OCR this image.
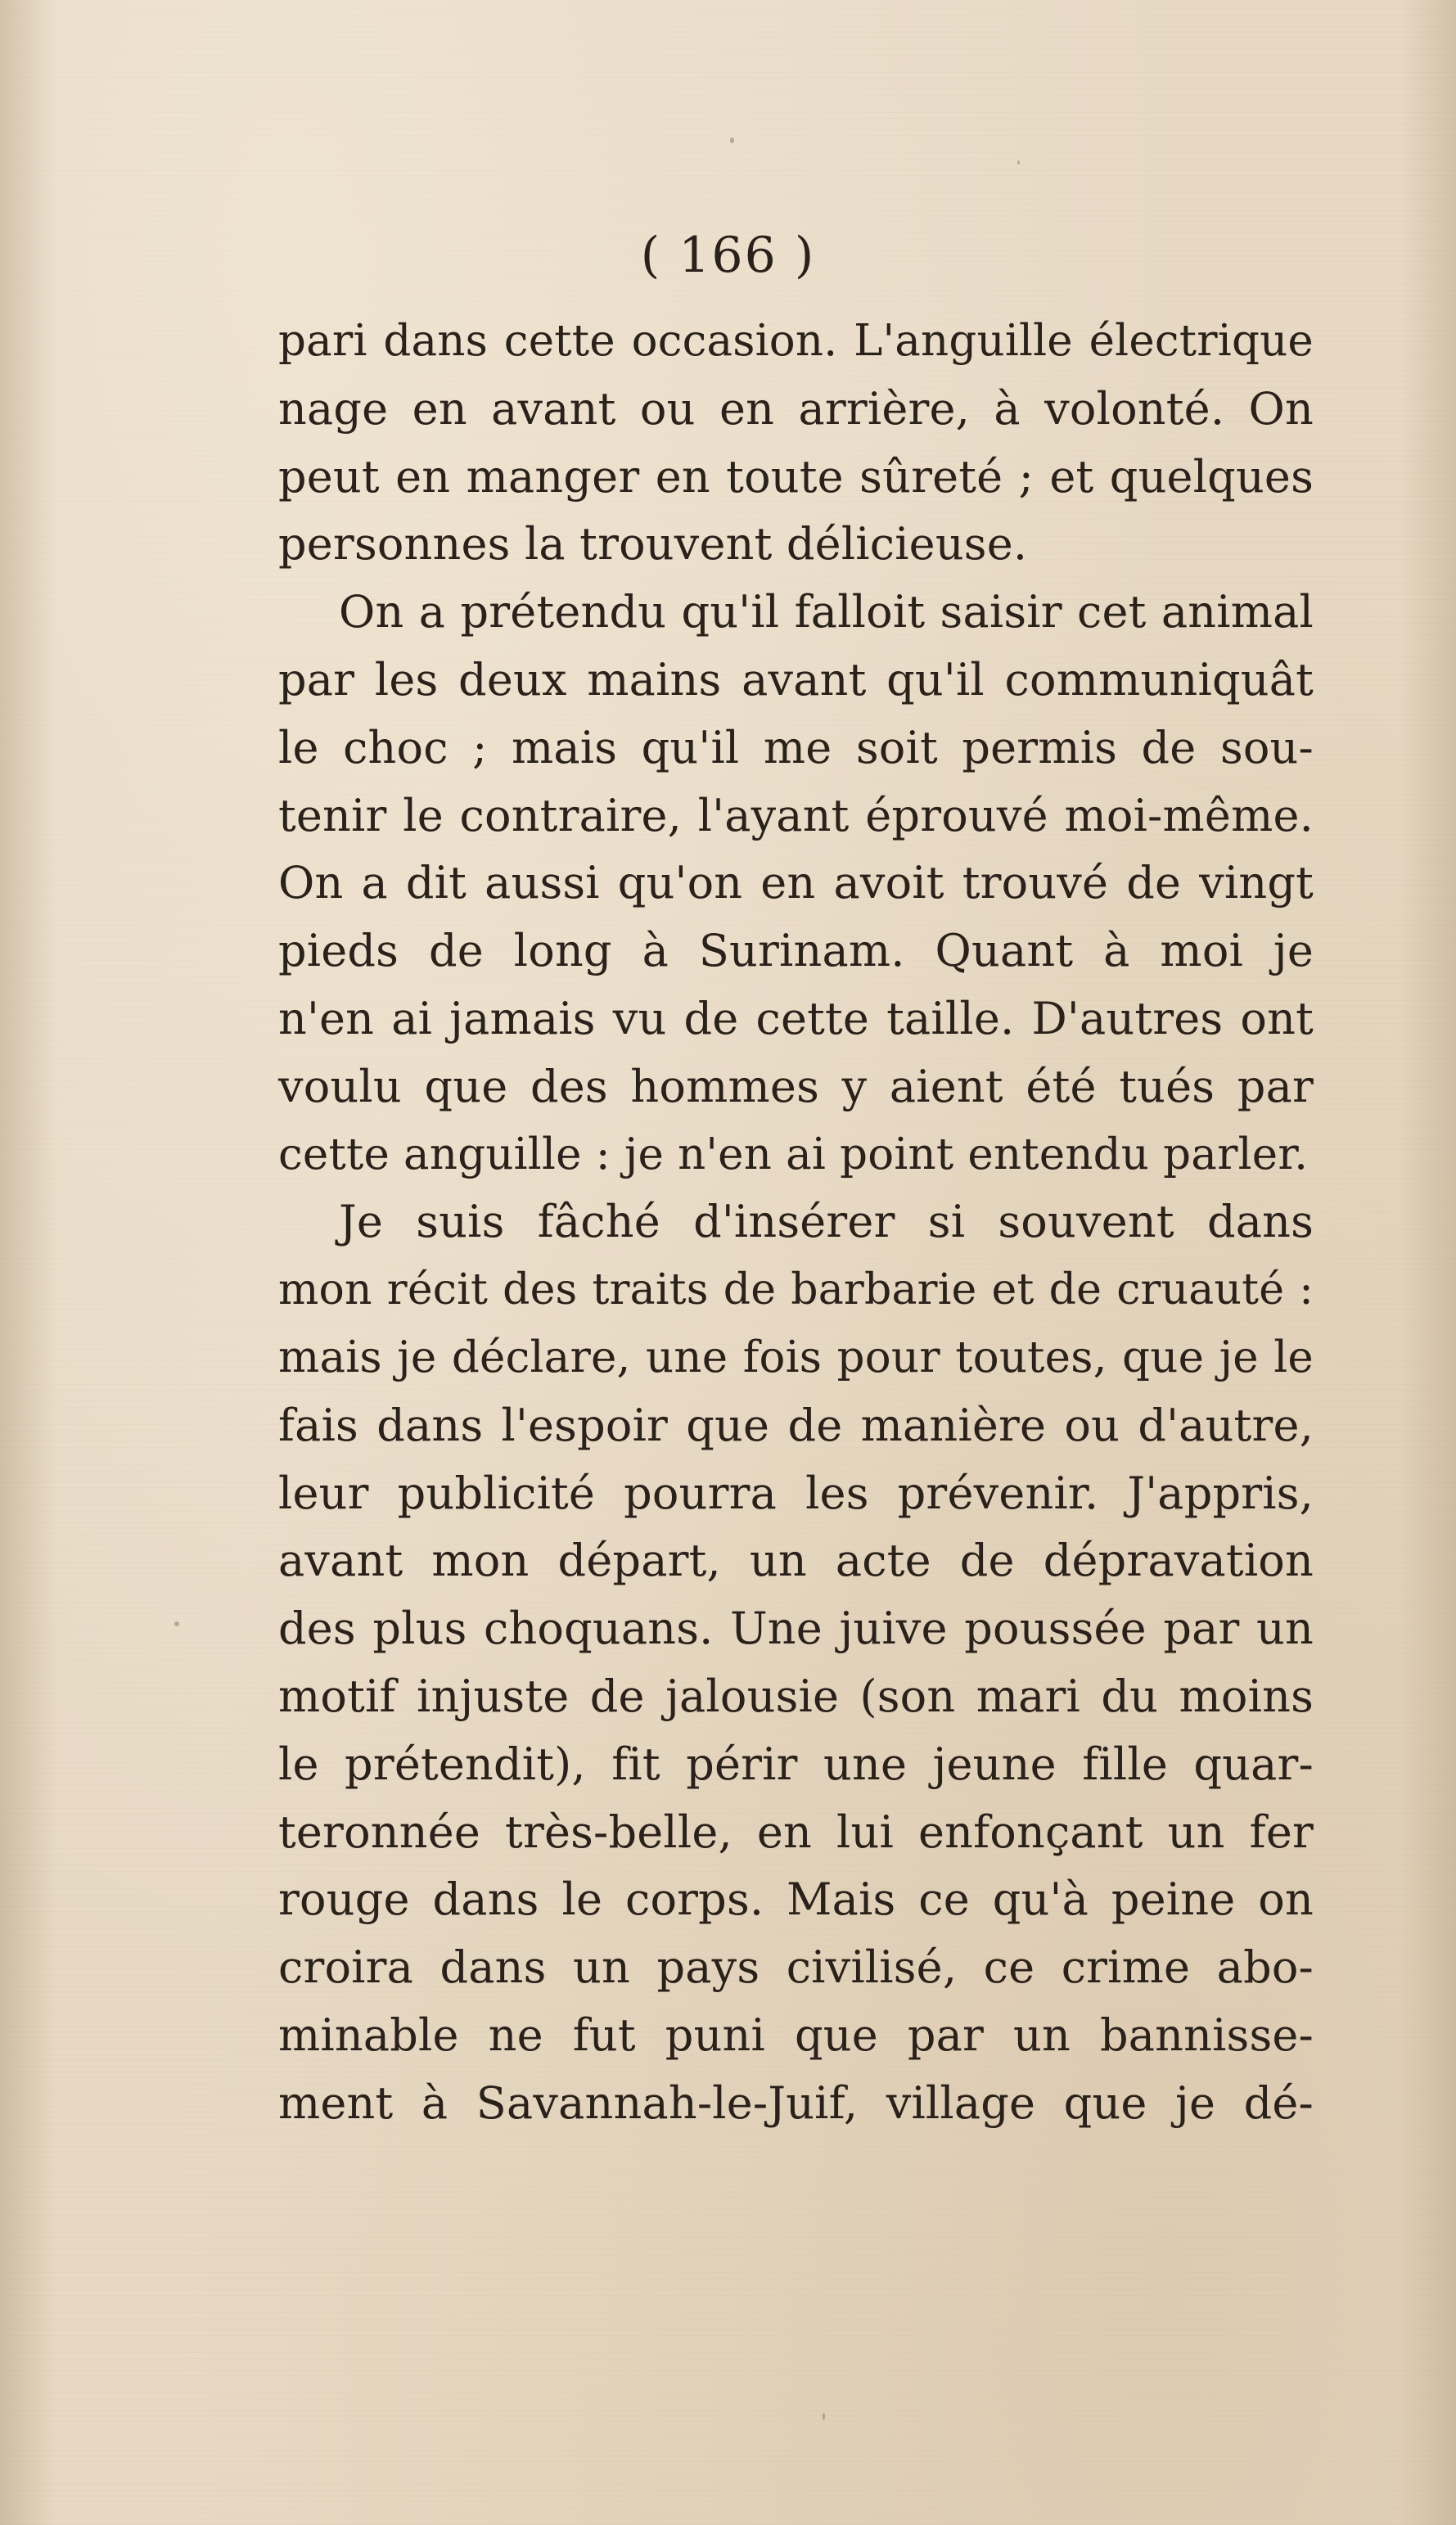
( 166 )
pari dans cette occasion. L'anguille électrique
nage en avant ou en arrière, à volonté. On
peut en manger en toute sûreté ; et quelques
personnes la trouvent délicieuse.
On a prétendu qu'il falloit saisir cet animal
par les deux mains avant qu'il communiquât
le choc ; mais qu'il me soit permis de sou-
tenir le contraire, l'ayant éprouvé moi-même.
On a dit aussi qu'on en avoit trouvé de vingt
pieds de long à Surinam. Quant à moi je
n'en ai jamais vu de cette taille. D'autres ont
voulu que des hommes y aient été tués par
cette anguille : je n'en ai point entendu parler.
Je suis fâché d'insérer si souvent dans
mon récit des traits de barbarie et de cruauté :
mais je déclare, une fois pour toutes, que je le
fais dans l'espoir que de manière ou d'autre,
leur publicité pourra les prévenir. J'appris,
avant mon départ, un acte de dépravation
des plus choquans. Une juive poussée par un
motif injuste de jalousie (son mari du moins
le prétendit), fit périr une jeune fille quar-
teronnée très-belle, en lui enfonçant un fer
rouge dans le corps. Mais ce qu'à peine on
croira dans un pays civilisé, ce crime abo-
minable ne fut puni que par un bannisse-
ment à Savannah-le-Juif, village que je dé-
